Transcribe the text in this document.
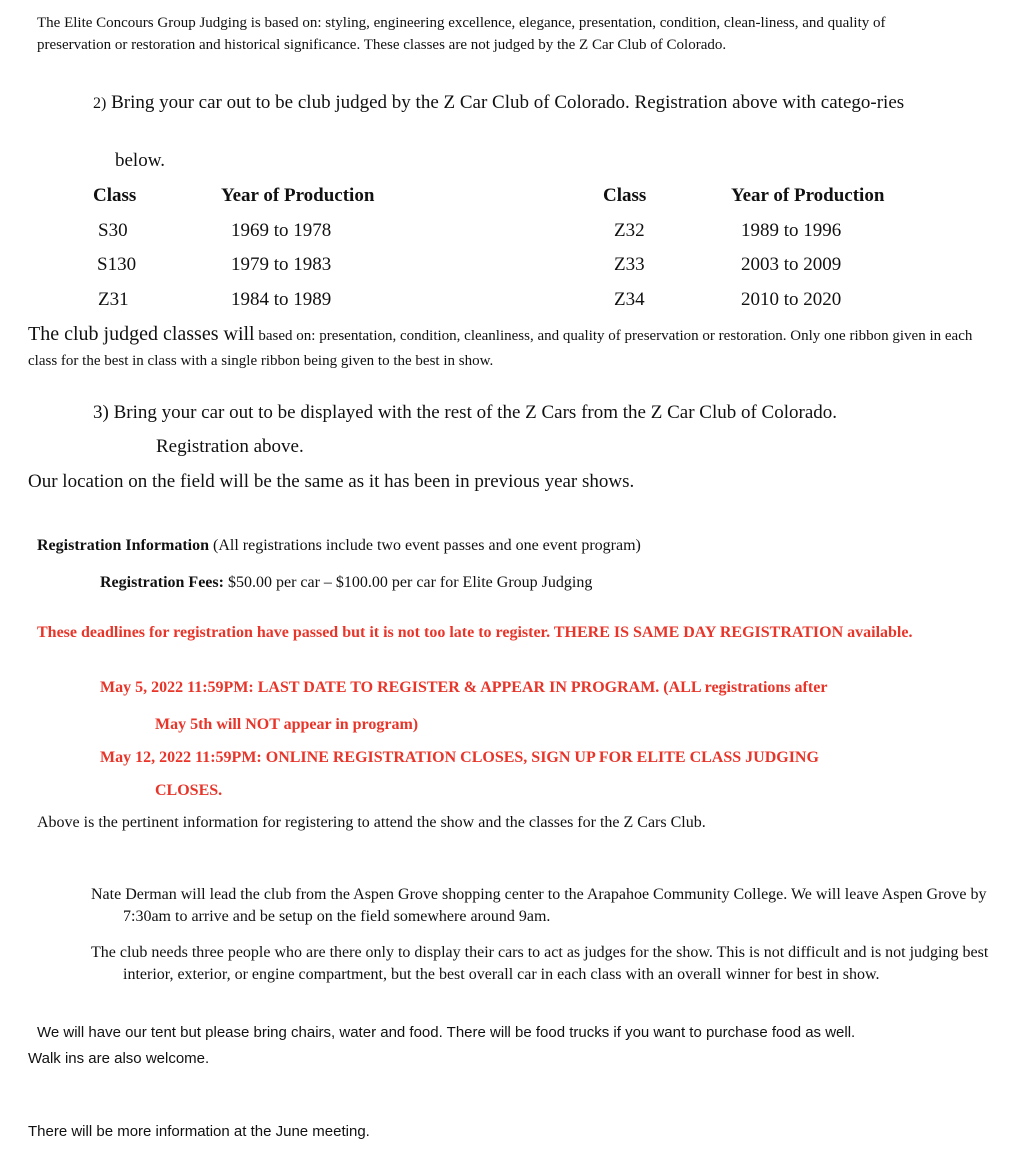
The Elite Concours Group Judging is based on: styling, engineering excellence, elegance, presentation, condition, clean-liness, and quality of preservation or restoration and historical significance. These classes are not judged by the Z Car Club of Colorado.

2) Bring your car out to be club judged by the Z Car Club of Colorado. Registration above with catego-ries

below.

Class	Year of Production	Class	Year of Production
S30	1969 to 1978	Z32	1989 to 1996
S130	1979 to 1983	Z33	2003 to 2009
Z31	1984 to 1989	Z34	2010 to 2020
The club judged classes will based on: presentation, condition, cleanliness, and quality of preservation or restoration. Only one ribbon given in each class for the best in class with a single ribbon being given to the best in show.

3) Bring your car out to be displayed with the rest of the Z Cars from the Z Car Club of Colorado.

Registration above.

Our location on the field will be the same as it has been in previous year shows.

Registration Information (All registrations include two event passes and one event program)

Registration Fees: $50.00 per car – $100.00 per car for Elite Group Judging

These deadlines for registration have passed but it is not too late to register. THERE IS SAME DAY REGISTRATION available.

May 5, 2022 11:59PM: LAST DATE TO REGISTER & APPEAR IN PROGRAM. (ALL registrations after

May 5th will NOT appear in program)

May 12, 2022 11:59PM: ONLINE REGISTRATION CLOSES, SIGN UP FOR ELITE CLASS JUDGING

CLOSES.

Above is the pertinent information for registering to attend the show and the classes for the Z Cars Club.

Nate Derman will lead the club from the Aspen Grove shopping center to the Arapahoe Community College. We will leave Aspen Grove by 7:30am to arrive and be setup on the field somewhere around 9am.

The club needs three people who are there only to display their cars to act as judges for the show. This is not difficult and is not judging best interior, exterior, or engine compartment, but the best overall car in each class with an overall winner for best in show.

We will have our tent but please bring chairs, water and food. There will be food trucks if you want to purchase food as well.

Walk ins are also welcome.

There will be more information at the June meeting.
